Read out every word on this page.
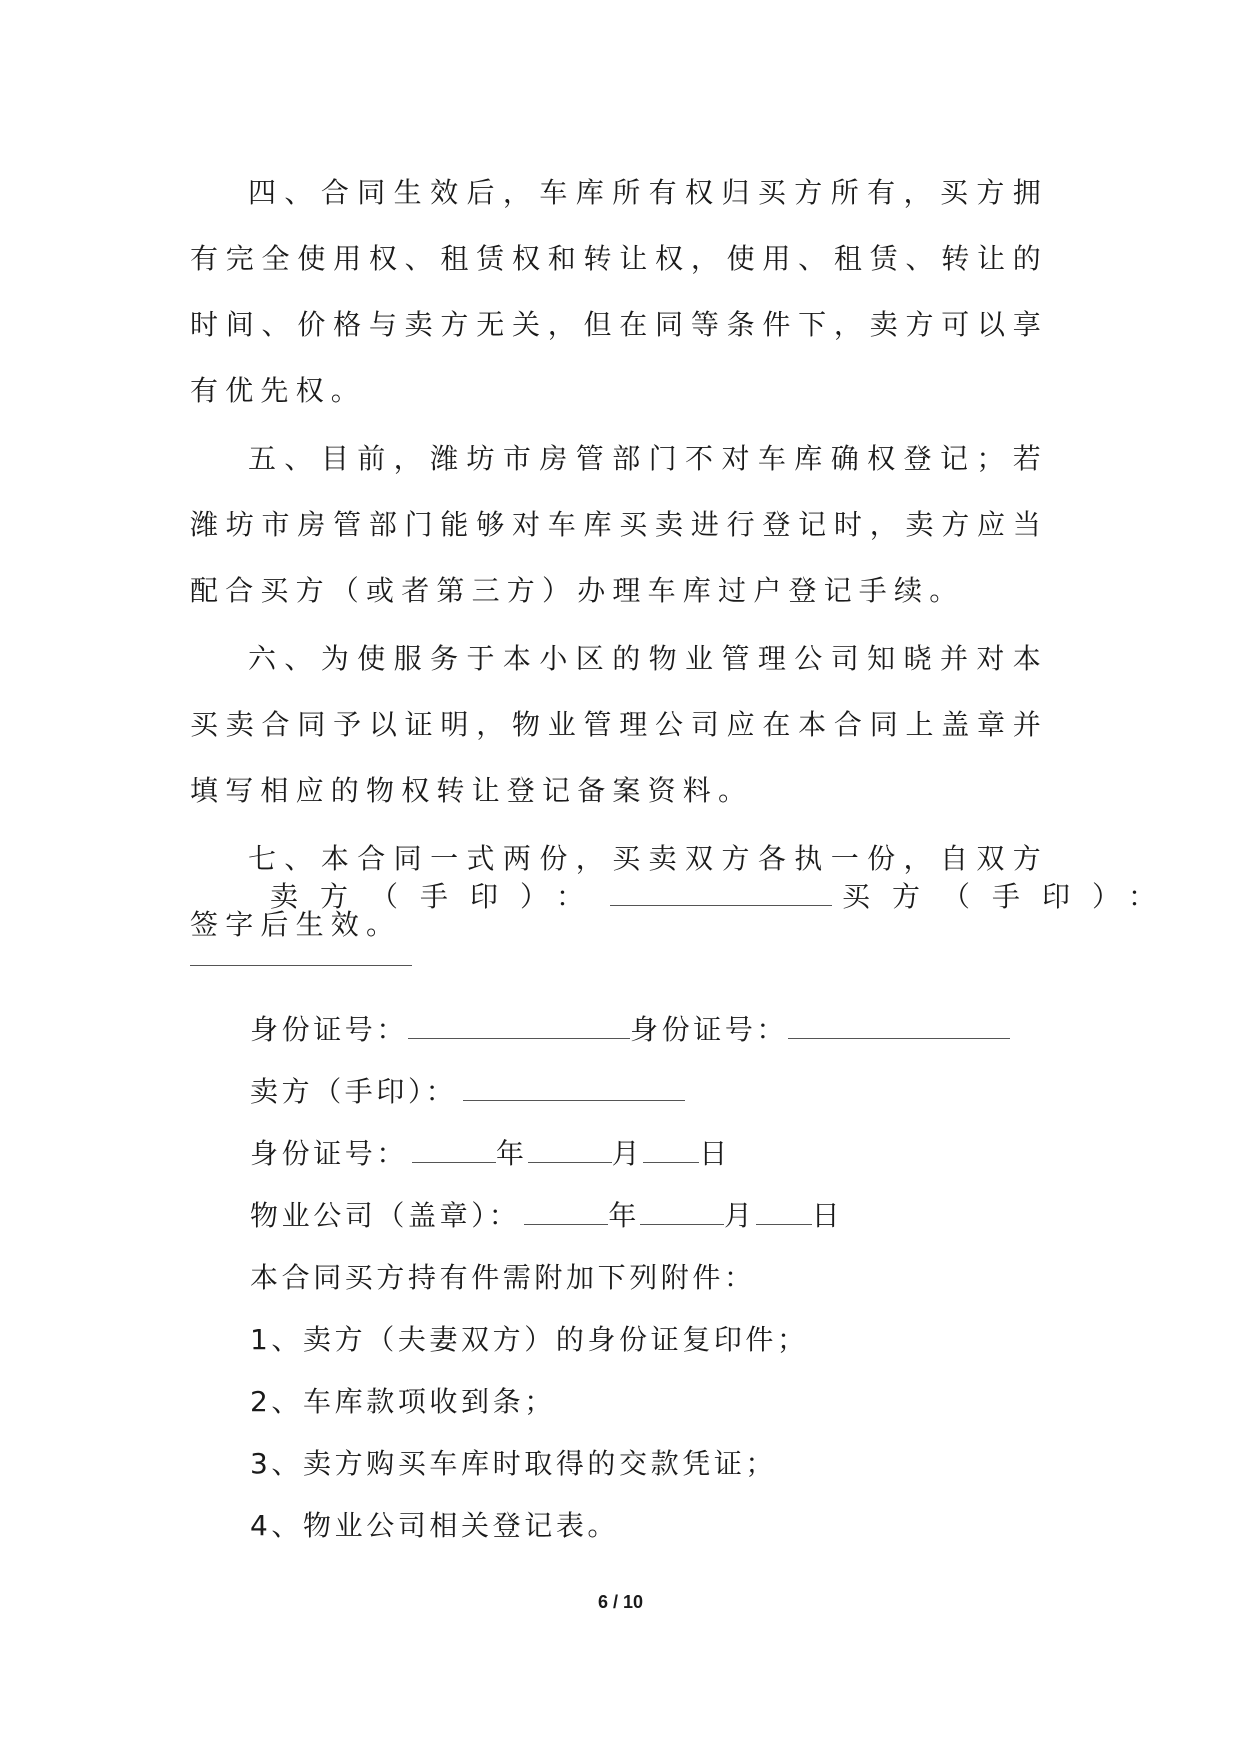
四、合同生效后，车库所有权归买方所有，买方拥有完全使用权、租赁权和转让权，使用、租赁、转让的时间、价格与卖方无关，但在同等条件下，卖方可以享有优先权。

五、目前，潍坊市房管部门不对车库确权登记；若潍坊市房管部门能够对车库买卖进行登记时，卖方应当配合买方（或者第三方）办理车库过户登记手续。

六、为使服务于本小区的物业管理公司知晓并对本买卖合同予以证明，物业管理公司应在本合同上盖章并填写相应的物权转让登记备案资料。

七、本合同一式两份，买卖双方各执一份，自双方签字后生效。

卖方（手印）：	买方（手印）：
身份证号：	身份证号：
卖方（手印）：
身份证号：	年	月 日
物业公司（盖章）：	年	月 日
本合同买方持有件需附加下列附件：
1、卖方（夫妻双方）的身份证复印件；
2、车库款项收到条；
3、卖方购买车库时取得的交款凭证；
4、物业公司相关登记表。
6 / 10
